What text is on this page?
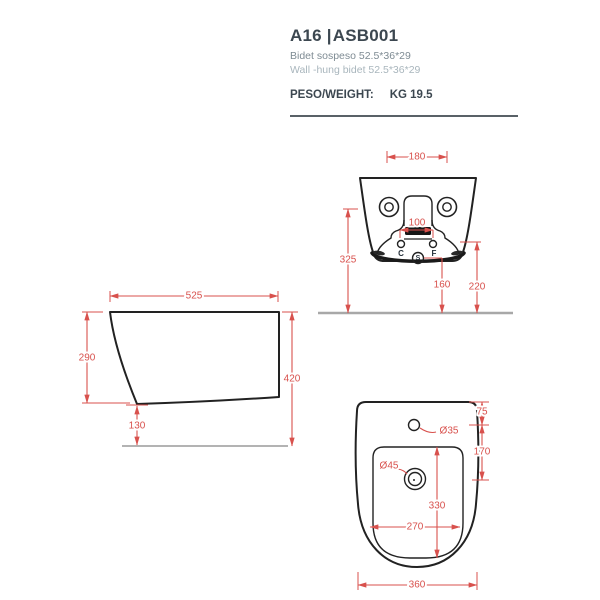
A16 |ASB001
Bidet sospeso 52.5*36*29
Wall -hung bidet 52.5*36*29
PESO/WEIGHT: KG 19.5
C	F
S
180
100
325
220
160
525
290
420
130	Ø35
Ø45
75
170
330
270
360
